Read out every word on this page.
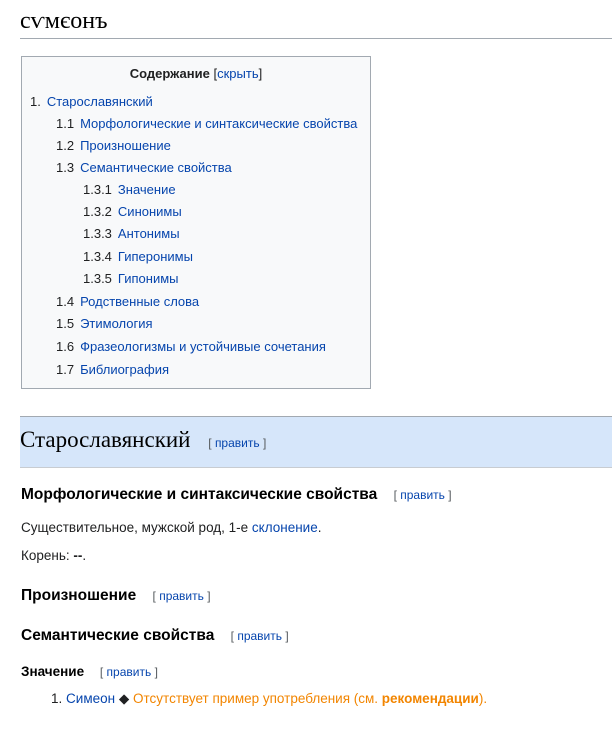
сѵмєонъ
Содержание [скрыть]
1. Старославянский
1.1 Морфологические и синтаксические свойства
1.2 Произношение
1.3 Семантические свойства
1.3.1 Значение
1.3.2 Синонимы
1.3.3 Антонимы
1.3.4 Гиперонимы
1.3.5 Гипонимы
1.4 Родственные слова
1.5 Этимология
1.6 Фразеологизмы и устойчивые сочетания
1.7 Библиография
Старославянский [ править ]
Морфологические и синтаксические свойства [ править ]
Существительное, мужской род, 1-е склонение.
Корень: --.
Произношение [ править ]
Семантические свойства [ править ]
Значение [ править ]
1. Симеон ◆ Отсутствует пример употребления (см. рекомендации).
